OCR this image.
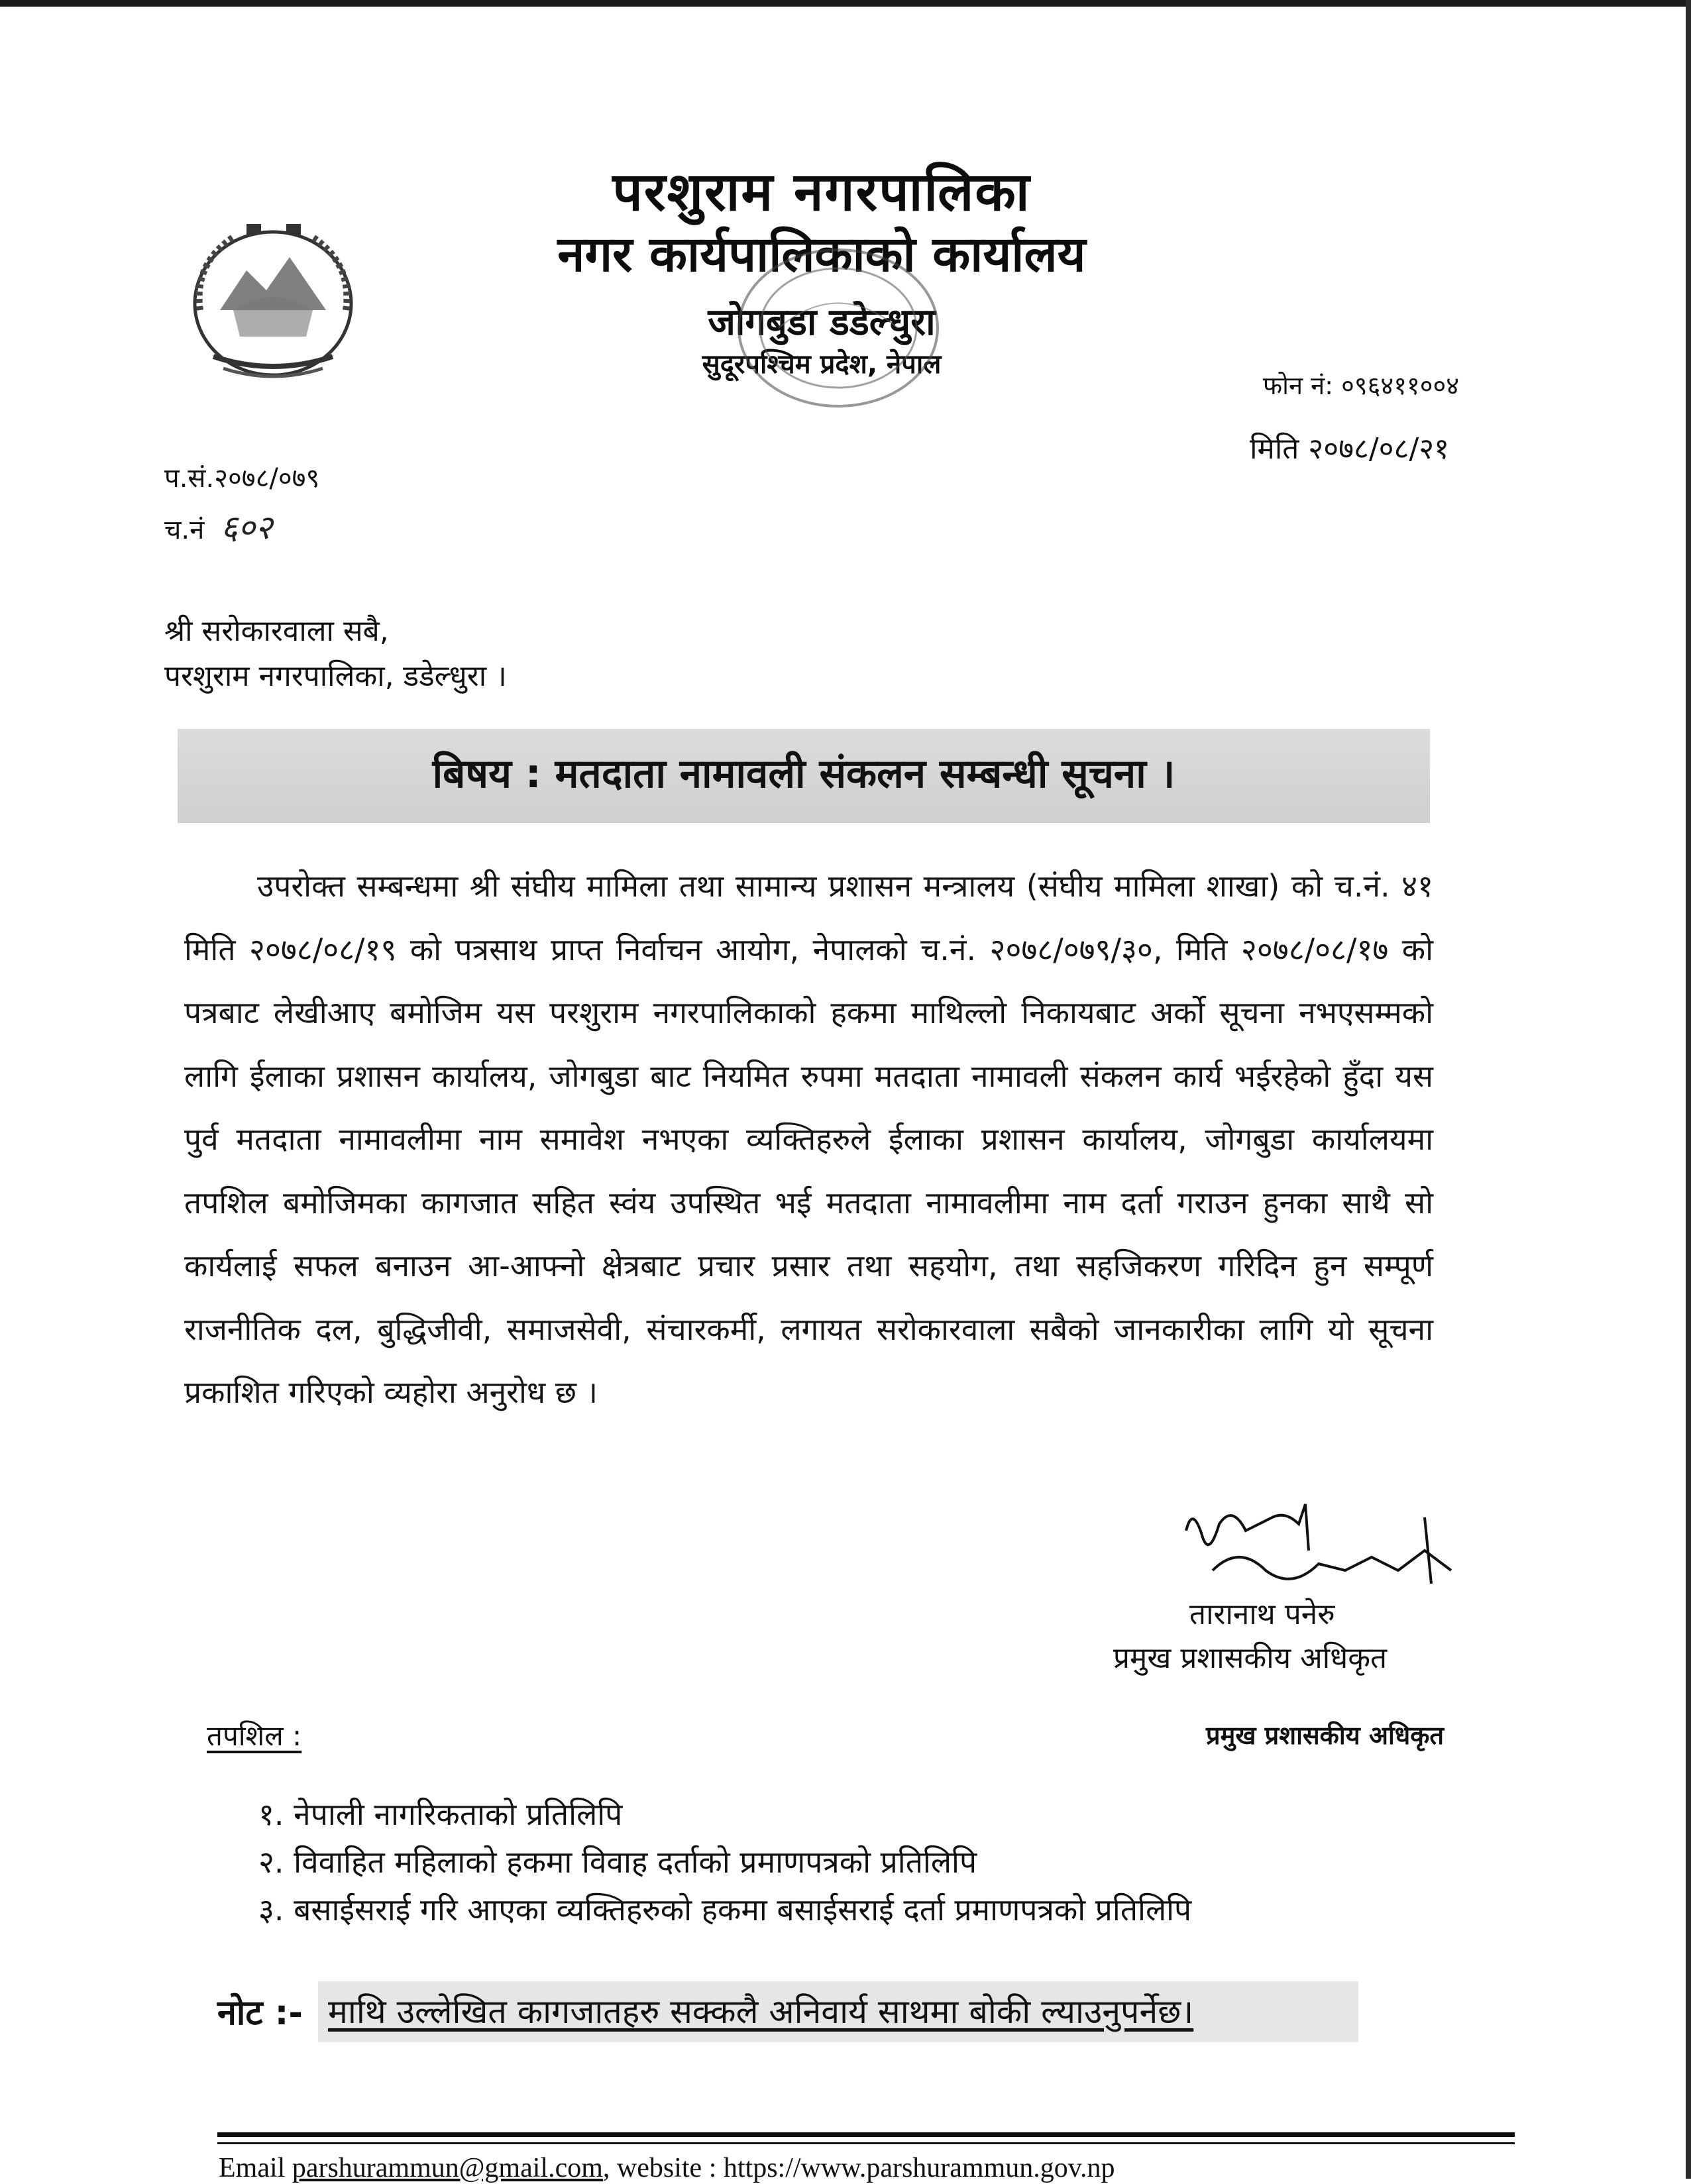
परशुराम नगरपालिका
नगर कार्यपालिकाको कार्यालय
जोगबुडा डडेल्धुरा
सुदूरपश्चिम प्रदेश, नेपाल
फोन नं: ०९६४११००४
मिति २०७८/०८/२१
प.सं.२०७८/०७९
च.नं ६०२
श्री सरोकारवाला सबै,
परशुराम नगरपालिका, डडेल्धुरा ।
बिषय : मतदाता नामावली संकलन सम्बन्धी सूचना ।
उपरोक्त सम्बन्धमा श्री संघीय मामिला तथा सामान्य प्रशासन मन्त्रालय (संघीय मामिला शाखा) को च.नं. ४१ मिति २०७८/०८/१९ को पत्रसाथ प्राप्त निर्वाचन आयोग, नेपालको च.नं. २०७८/०७९/३०, मिति २०७८/०८/१७ को पत्रबाट लेखीआए बमोजिम यस परशुराम नगरपालिकाको हकमा माथिल्लो निकायबाट अर्को सूचना नभएसम्मको लागि ईलाका प्रशासन कार्यालय, जोगबुडा बाट नियमित रुपमा मतदाता नामावली संकलन कार्य भईरहेको हुँदा यस पुर्व मतदाता नामावलीमा नाम समावेश नभएका व्यक्तिहरुले ईलाका प्रशासन कार्यालय, जोगबुडा कार्यालयमा तपशिल बमोजिमका कागजात सहित स्वंय उपस्थित भई मतदाता नामावलीमा नाम दर्ता गराउन हुनका साथै सो कार्यलाई सफल बनाउन आ-आफ्नो क्षेत्रबाट प्रचार प्रसार तथा सहयोग, तथा सहजिकरण गरिदिन हुन सम्पूर्ण राजनीतिक दल, बुद्धिजीवी, समाजसेवी, संचारकर्मी, लगायत सरोकारवाला सबैको जानकारीका लागि यो सूचना प्रकाशित गरिएको व्यहोरा अनुरोध छ ।
तारानाथ पनेरु
प्रमुख प्रशासकीय अधिकृत
तपशिल :	प्रमुख प्रशासकीय अधिकृत
१. नेपाली नागरिकताको प्रतिलिपि
२. विवाहित महिलाको हकमा विवाह दर्ताको प्रमाणपत्रको प्रतिलिपि
३. बसाईसराई गरि आएका व्यक्तिहरुको हकमा बसाईसराई दर्ता प्रमाणपत्रको प्रतिलिपि
नोट :- माथि उल्लेखित कागजातहरु सक्कलै अनिवार्य साथमा बोकी ल्याउनुपर्नेछ।
Email parshurammun@gmail.com, website : https://www.parshurammun.gov.np
